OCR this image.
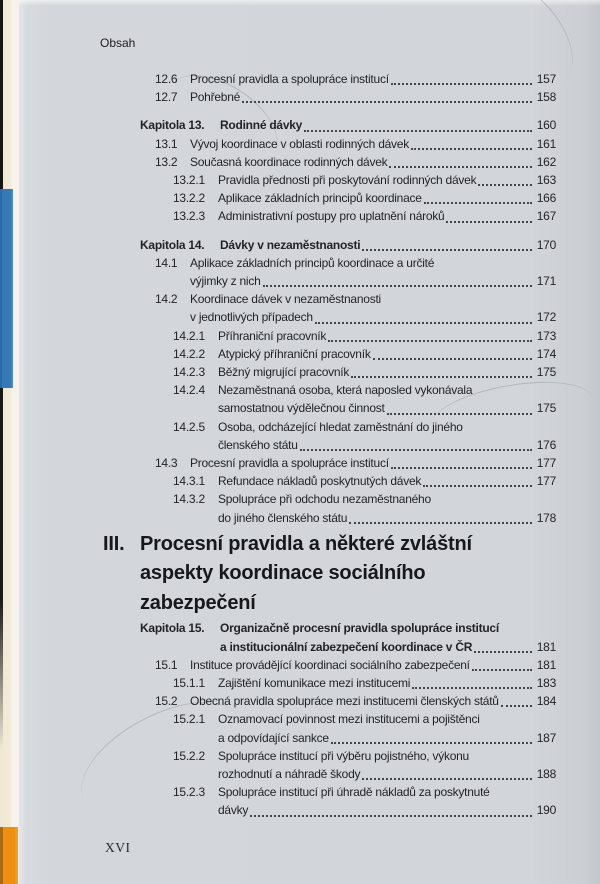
Obsah
12.6	Procesní pravidla a spolupráce institucí	157
12.7	Pohřebné	158
Kapitola 13.	Rodinné dávky	160
13.1	Vývoj koordinace v oblasti rodinných dávek	161
13.2	Současná koordinace rodinných dávek	162
13.2.1	Pravidla přednosti při poskytování rodinných dávek	163
13.2.2	Aplikace základních principů koordinace	166
13.2.3	Administrativní postupy pro uplatnění nároků	167
Kapitola 14.	Dávky v nezaměstnanosti	170
14.1	Aplikace základních principů koordinace a určité
výjimky z nich	171
14.2	Koordinace dávek v nezaměstnanosti
v jednotlivých případech	172
14.2.1	Příhraniční pracovník	173
14.2.2	Atypický příhraniční pracovník	174
14.2.3	Běžný migrující pracovník	175
14.2.4	Nezaměstnaná osoba, která naposled vykonávala
samostatnou výdělečnou činnost	175
14.2.5	Osoba, odcházející hledat zaměstnání do jiného
členského státu	176
14.3	Procesní pravidla a spolupráce institucí	177
14.3.1	Refundace nákladů poskytnutých dávek	177
14.3.2	Spolupráce při odchodu nezaměstnaného
do jiného členského státu	178
III. Procesní pravidla a některé zvláštní
aspekty koordinace sociálního
zabezpečení
Kapitola 15.	Organizačně procesní pravidla spolupráce institucí
a institucionální zabezpečení koordinace v ČR	181
15.1	Instituce provádějící koordinaci sociálního zabezpečení	181
15.1.1	Zajištění komunikace mezi institucemi	183
15.2	Obecná pravidla spolupráce mezi institucemi členských států	184
15.2.1	Oznamovací povinnost mezi institucemi a pojištěnci
a odpovídající sankce	187
15.2.2	Spolupráce institucí při výběru pojistného, výkonu
rozhodnutí a náhradě škody	188
15.2.3	Spolupráce institucí při úhradě nákladů za poskytnuté
dávky	190
XVI
